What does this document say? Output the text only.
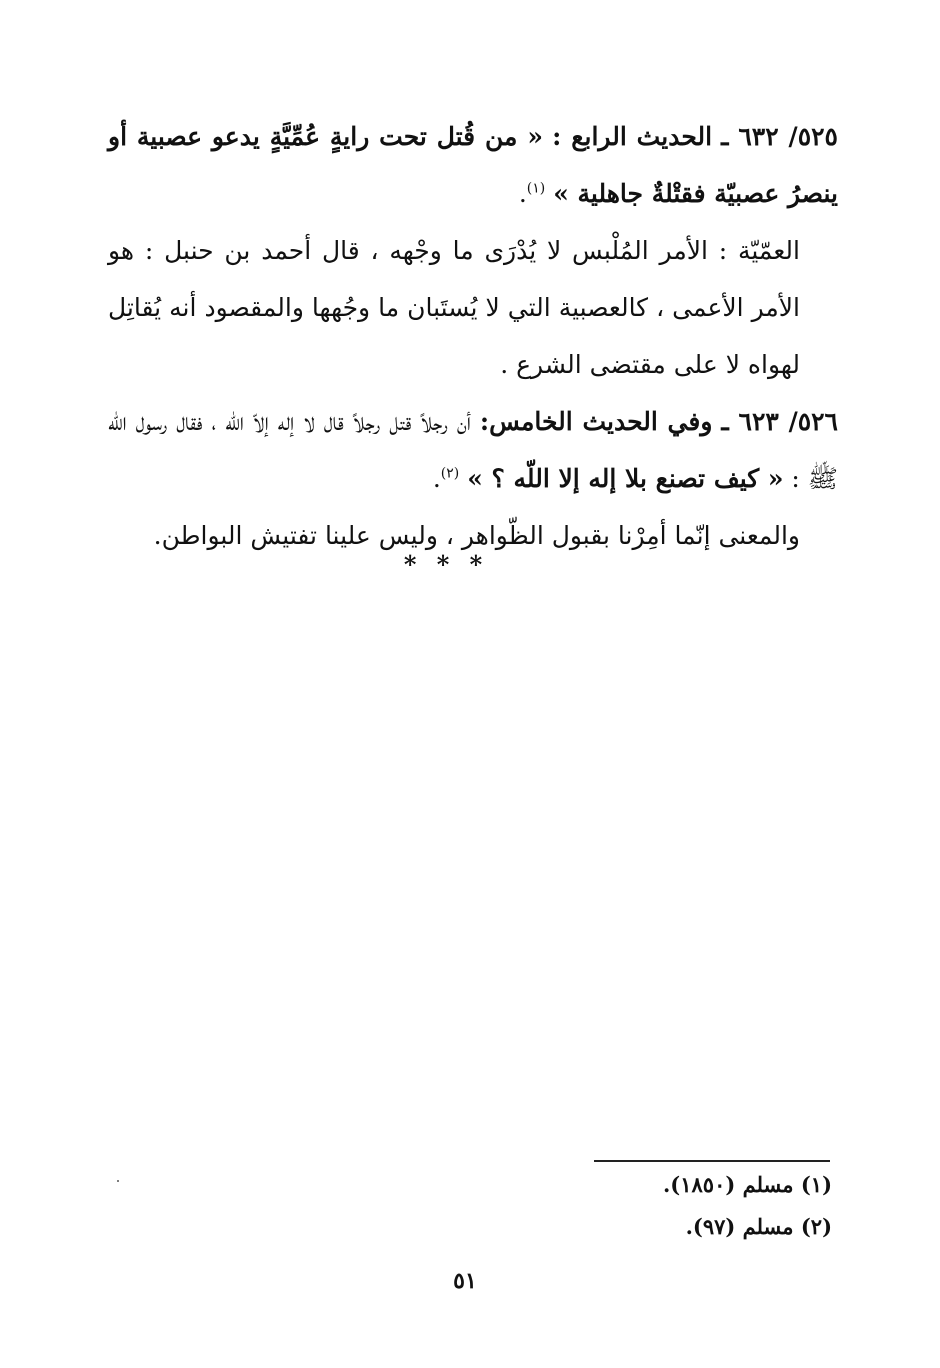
٥٢٥/ ٦٣٢ ـ الحديث الرابع : « من قُتل تحت رايةٍ عُمِّيَّةٍ يدعو عصبية أو ينصرُ عصبيّة فقتْلةٌ جاهلية » $^{(١)}$.

العمّيّة : الأمر المُلْبس لا يُدْرَى ما وجْهه ، قال أحمد بن حنبل : هو الأمر الأعمى ، كالعصبية التي لا يُستَبان ما وجُهها والمقصود أنه يُقاتِل لهواه لا على مقتضى الشرع .

٥٢٦/ ٦٢٣ ـ وفي الحديث الخامس: أن رجلاً قتل رجلاً قال لا إله إلاّ الله ، فقال رسول الله ﷺ : « كيف تصنع بلا إله إلا اللّه ؟ » $^{(٢)}$.

والمعنى إنّما أمِرْنا بقبول الظّواهر ، وليس علينا تفتيش البواطن.

* * *
(١) مسلم (١٨٥٠).
(٢) مسلم (٩٧).
٥١
